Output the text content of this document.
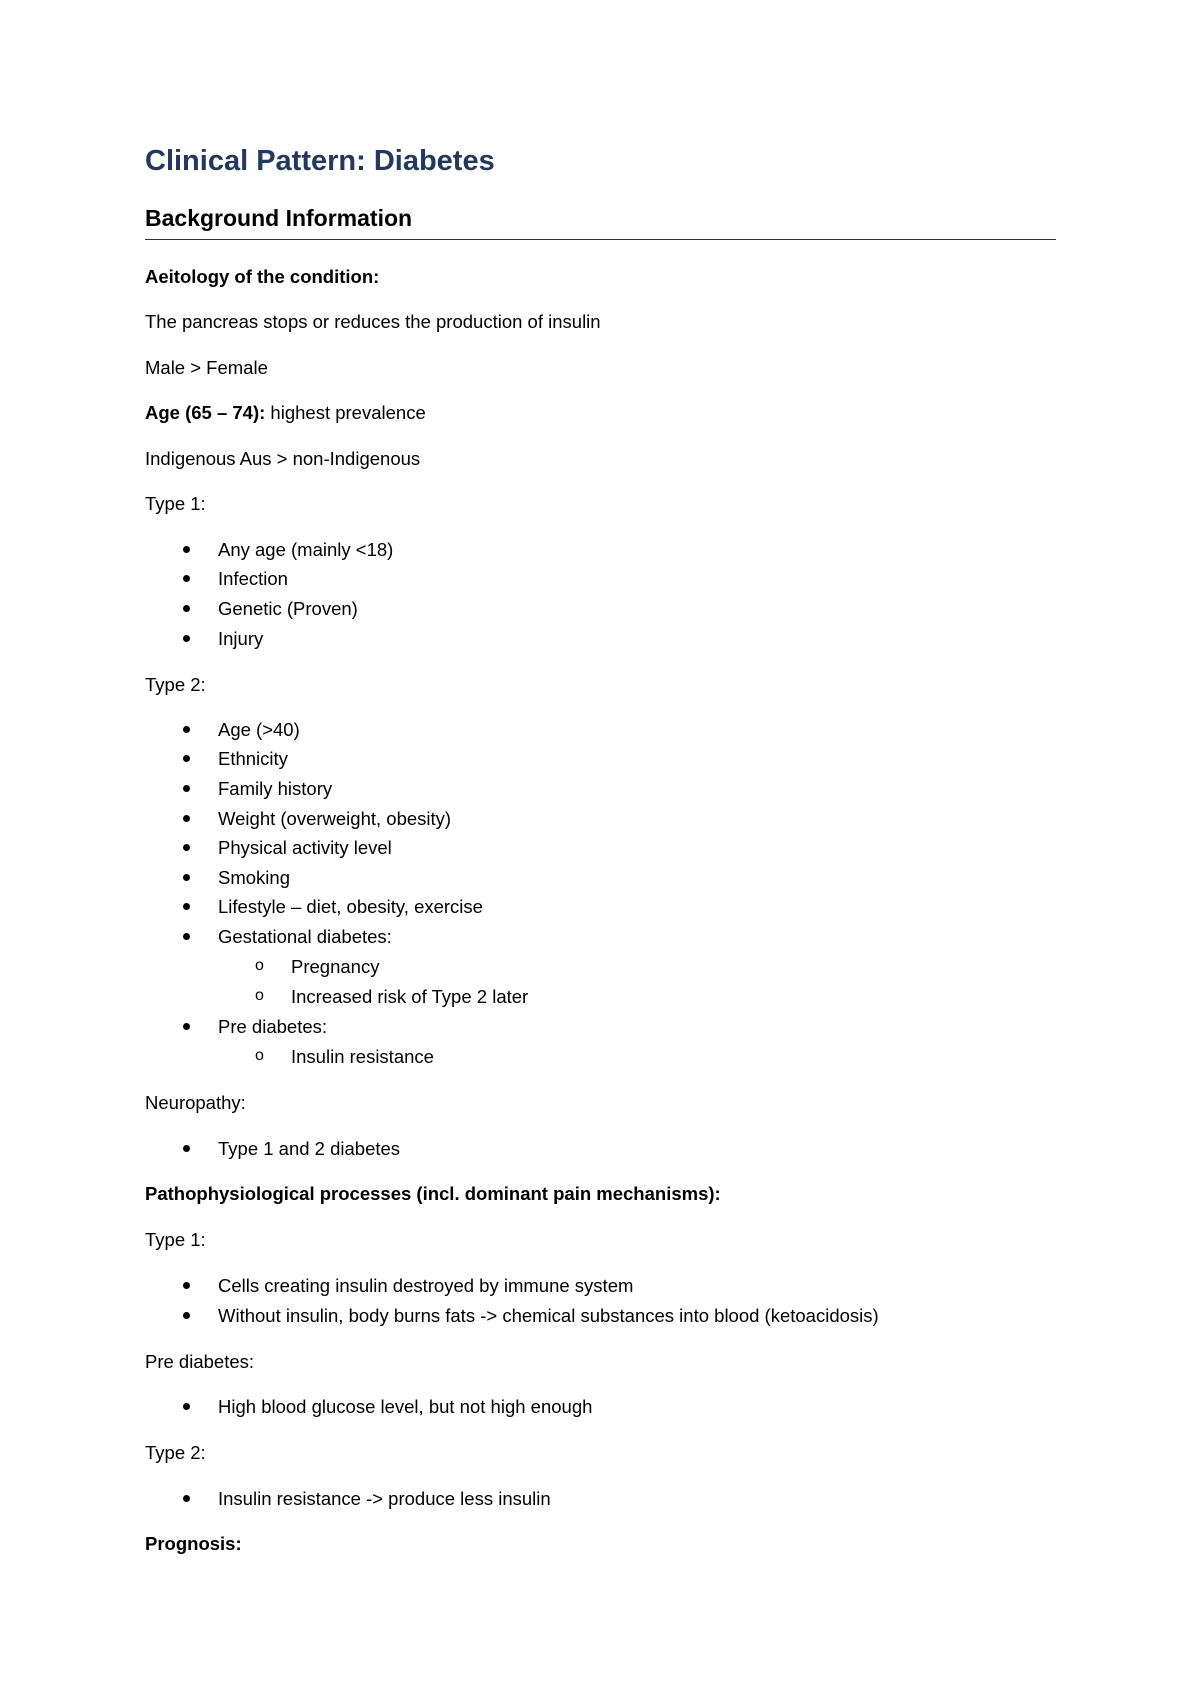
Clinical Pattern: Diabetes
Background Information
Aeitology of the condition:
The pancreas stops or reduces the production of insulin
Male > Female
Age (65 – 74): highest prevalence
Indigenous Aus > non-Indigenous
Type 1:
Any age (mainly <18)
Infection
Genetic (Proven)
Injury
Type 2:
Age (>40)
Ethnicity
Family history
Weight (overweight, obesity)
Physical activity level
Smoking
Lifestyle – diet, obesity, exercise
Gestational diabetes:
o Pregnancy
o Increased risk of Type 2 later
Pre diabetes:
o Insulin resistance
Neuropathy:
Type 1 and 2 diabetes
Pathophysiological processes (incl. dominant pain mechanisms):
Type 1:
Cells creating insulin destroyed by immune system
Without insulin, body burns fats -> chemical substances into blood (ketoacidosis)
Pre diabetes:
High blood glucose level, but not high enough
Type 2:
Insulin resistance -> produce less insulin
Prognosis:
